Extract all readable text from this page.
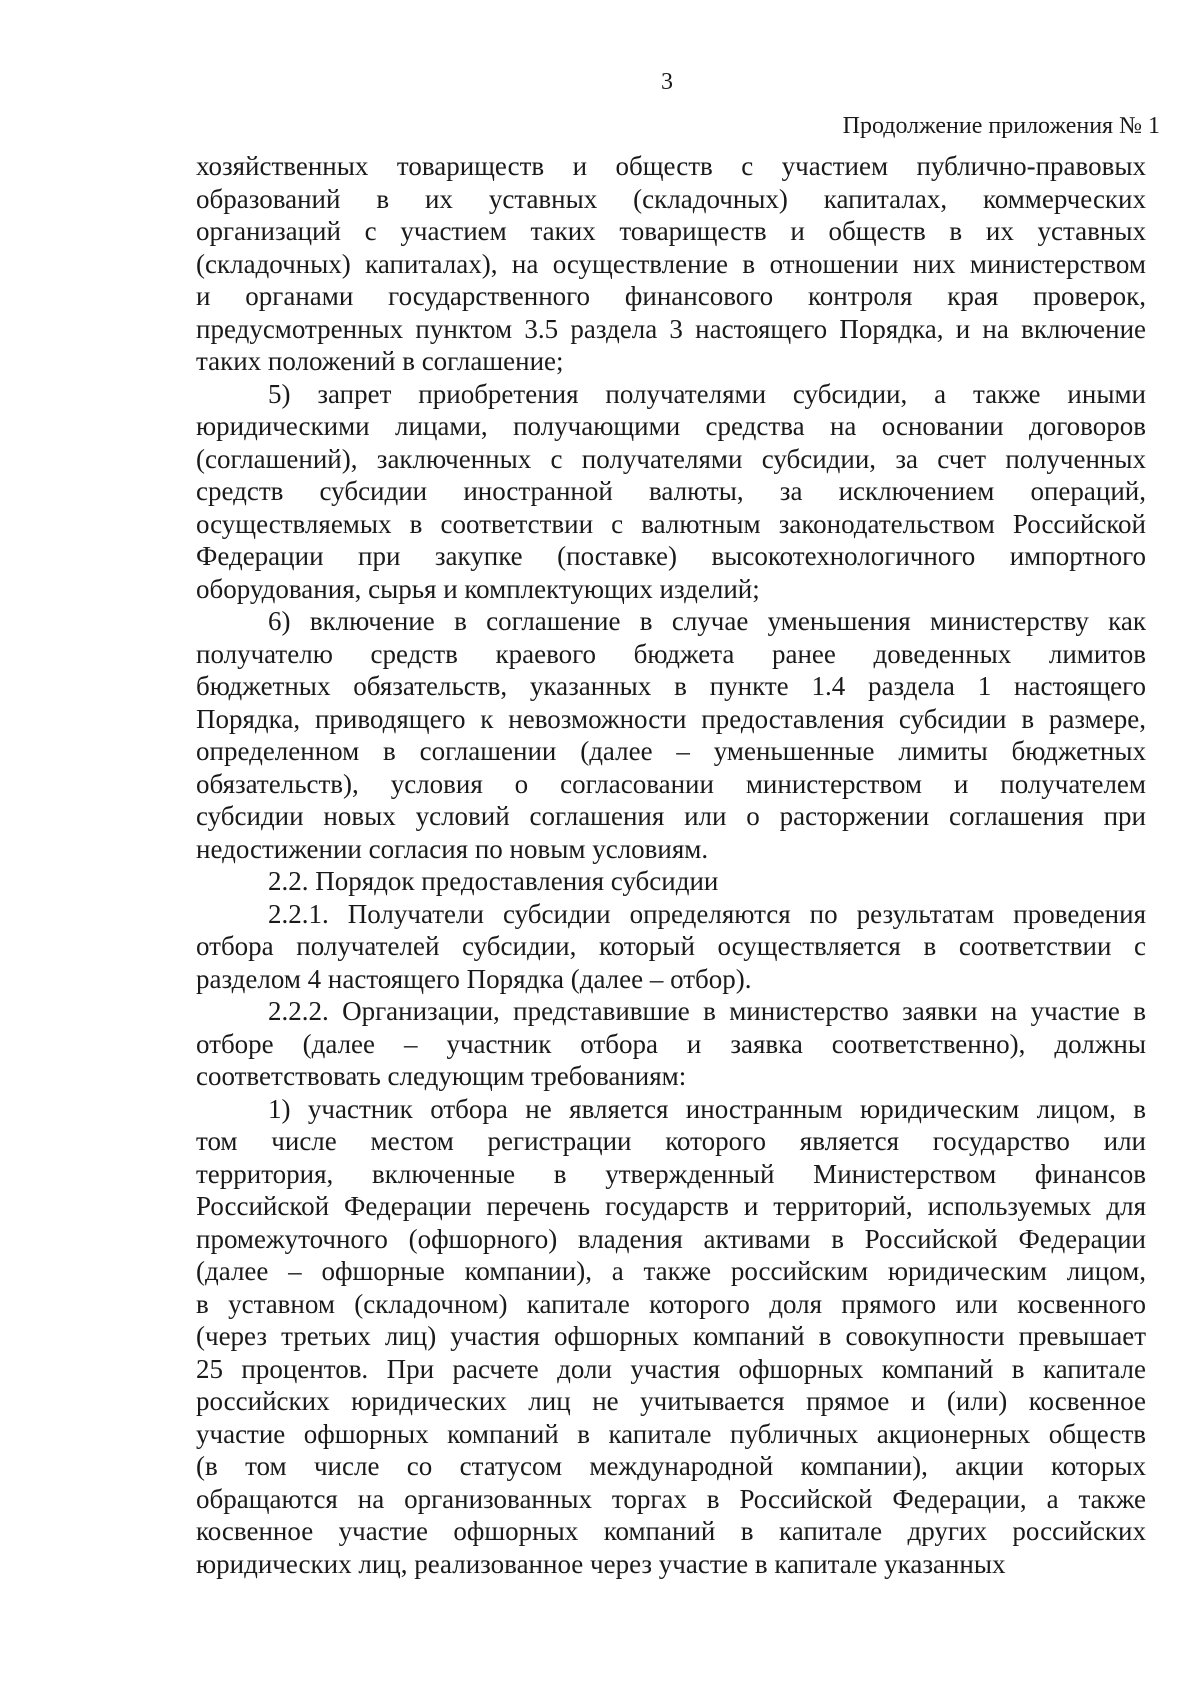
3
Продолжение приложения № 1

хозяйственных товариществ и обществ с участием публично-правовых
образований в их уставных (складочных) капиталах, коммерческих
организаций с участием таких товариществ и обществ в их уставных
(складочных) капиталах), на осуществление в отношении них министерством
и органами государственного финансового контроля края проверок,
предусмотренных пунктом 3.5 раздела 3 настоящего Порядка, и на включение
таких положений в соглашение;

5) запрет приобретения получателями субсидии, а также иными
юридическими лицами, получающими средства на основании договоров
(соглашений), заключенных с получателями субсидии, за счет полученных
средств субсидии иностранной валюты, за исключением операций,
осуществляемых в соответствии с валютным законодательством Российской
Федерации при закупке (поставке) высокотехнологичного импортного
оборудования, сырья и комплектующих изделий;

6) включение в соглашение в случае уменьшения министерству как
получателю средств краевого бюджета ранее доведенных лимитов
бюджетных обязательств, указанных в пункте 1.4 раздела 1 настоящего
Порядка, приводящего к невозможности предоставления субсидии в размере,
определенном в соглашении (далее – уменьшенные лимиты бюджетных
обязательств), условия о согласовании министерством и получателем
субсидии новых условий соглашения или о расторжении соглашения при
недостижении согласия по новым условиям.

2.2. Порядок предоставления субсидии

2.2.1. Получатели субсидии определяются по результатам проведения
отбора получателей субсидии, который осуществляется в соответствии с
разделом 4 настоящего Порядка (далее – отбор).

2.2.2. Организации, представившие в министерство заявки на участие в
отборе (далее – участник отбора и заявка соответственно), должны
соответствовать следующим требованиям:

1) участник отбора не является иностранным юридическим лицом, в
том числе местом регистрации которого является государство или
территория, включенные в утвержденный Министерством финансов
Российской Федерации перечень государств и территорий, используемых для
промежуточного (офшорного) владения активами в Российской Федерации
(далее – офшорные компании), а также российским юридическим лицом,
в уставном (складочном) капитале которого доля прямого или косвенного
(через третьих лиц) участия офшорных компаний в совокупности превышает
25 процентов. При расчете доли участия офшорных компаний в капитале
российских юридических лиц не учитывается прямое и (или) косвенное
участие офшорных компаний в капитале публичных акционерных обществ
(в том числе со статусом международной компании), акции которых
обращаются на организованных торгах в Российской Федерации, а также
косвенное участие офшорных компаний в капитале других российских
юридических лиц, реализованное через участие в капитале указанных
